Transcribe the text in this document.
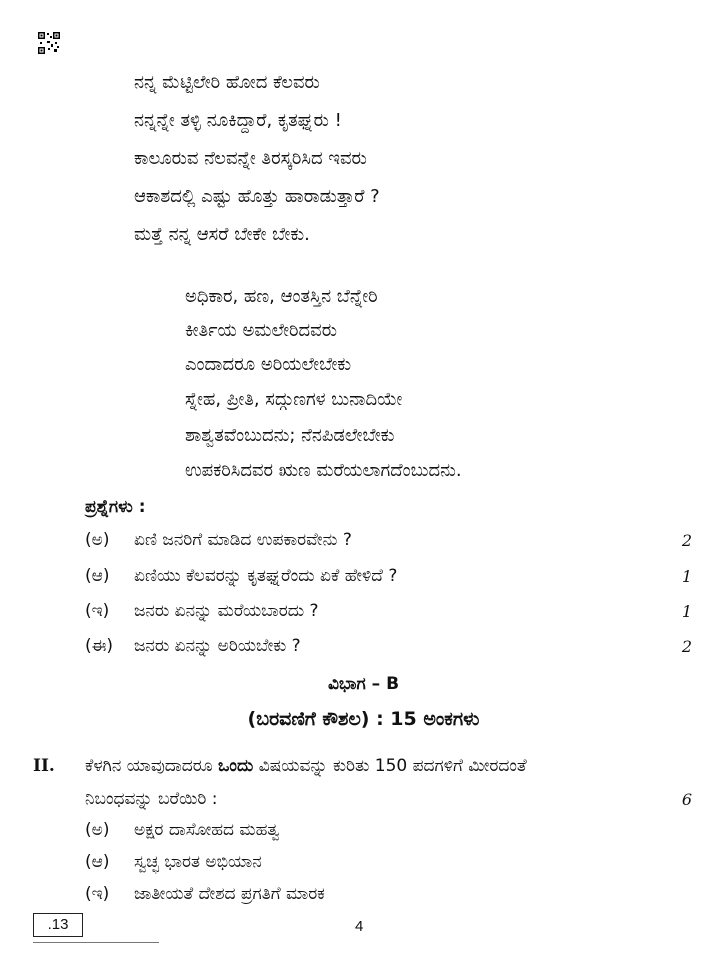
ನನ್ನ ಮೆಟ್ಟಿಲೇರಿ ಹೋದ ಕೆಲವರು
ನನ್ನನ್ನೇ ತಳ್ಳಿ ನೂಕಿದ್ದಾರೆ, ಕೃತಘ್ನರು !
ಕಾಲೂರುವ ನೆಲವನ್ನೇ ತಿರಸ್ಕರಿಸಿದ ಇವರು
ಆಕಾಶದಲ್ಲಿ ಎಷ್ಟು ಹೊತ್ತು ಹಾರಾಡುತ್ತಾರೆ ?
ಮತ್ತೆ ನನ್ನ ಆಸರೆ ಬೇಕೇ ಬೇಕು.
ಅಧಿಕಾರ, ಹಣ, ಆಂತಸ್ತಿನ ಬೆನ್ನೇರಿ
ಕೀರ್ತಿಯ ಅಮಲೇರಿದವರು
ಎಂದಾದರೂ ಅರಿಯಲೇಬೇಕು
ಸ್ನೇಹ, ಪ್ರೀತಿ, ಸದ್ಗುಣಗಳ ಬುನಾದಿಯೇ
ಶಾಶ್ವತವೆಂಬುದನು; ನೆನಪಿಡಲೇಬೇಕು
ಉಪಕರಿಸಿದವರ ಋಣ ಮರೆಯಲಾಗದೆಂಬುದನು.
ಪ್ರಶ್ನೆಗಳು :
(ಅ) ಏಣಿ ಜನರಿಗೆ ಮಾಡಿದ ಉಪಕಾರವೇನು ?	2
(ಆ) ಏಣಿಯು ಕೆಲವರನ್ನು ಕೃತಘ್ನರೆಂದು ಏಕೆ ಹೇಳಿದೆ ?	1
(ಇ) ಜನರು ಏನನ್ನು ಮರೆಯಬಾರದು ?	1
(ಈ) ಜನರು ಏನನ್ನು ಅರಿಯಬೇಕು ?	2
ವಿಭಾಗ – B
(ಬರವಣಿಗೆ ಕೌಶಲ) : 15 ಅಂಕಗಳು
II. ಕೆಳಗಿನ ಯಾವುದಾದರೂ ಒಂದು ವಿಷಯವನ್ನು ಕುರಿತು 150 ಪದಗಳಿಗೆ ಮೀರದಂತೆ
ನಿಬಂಧವನ್ನು ಬರೆಯಿರಿ :	6
(ಅ) ಅಕ್ಷರ ದಾಸೋಹದ ಮಹತ್ವ
(ಆ) ಸ್ವಚ್ಛ ಭಾರತ ಅಭಿಯಾನ
(ಇ) ಜಾತೀಯತೆ ದೇಶದ ಪ್ರಗತಿಗೆ ಮಾರಕ
.13	4
